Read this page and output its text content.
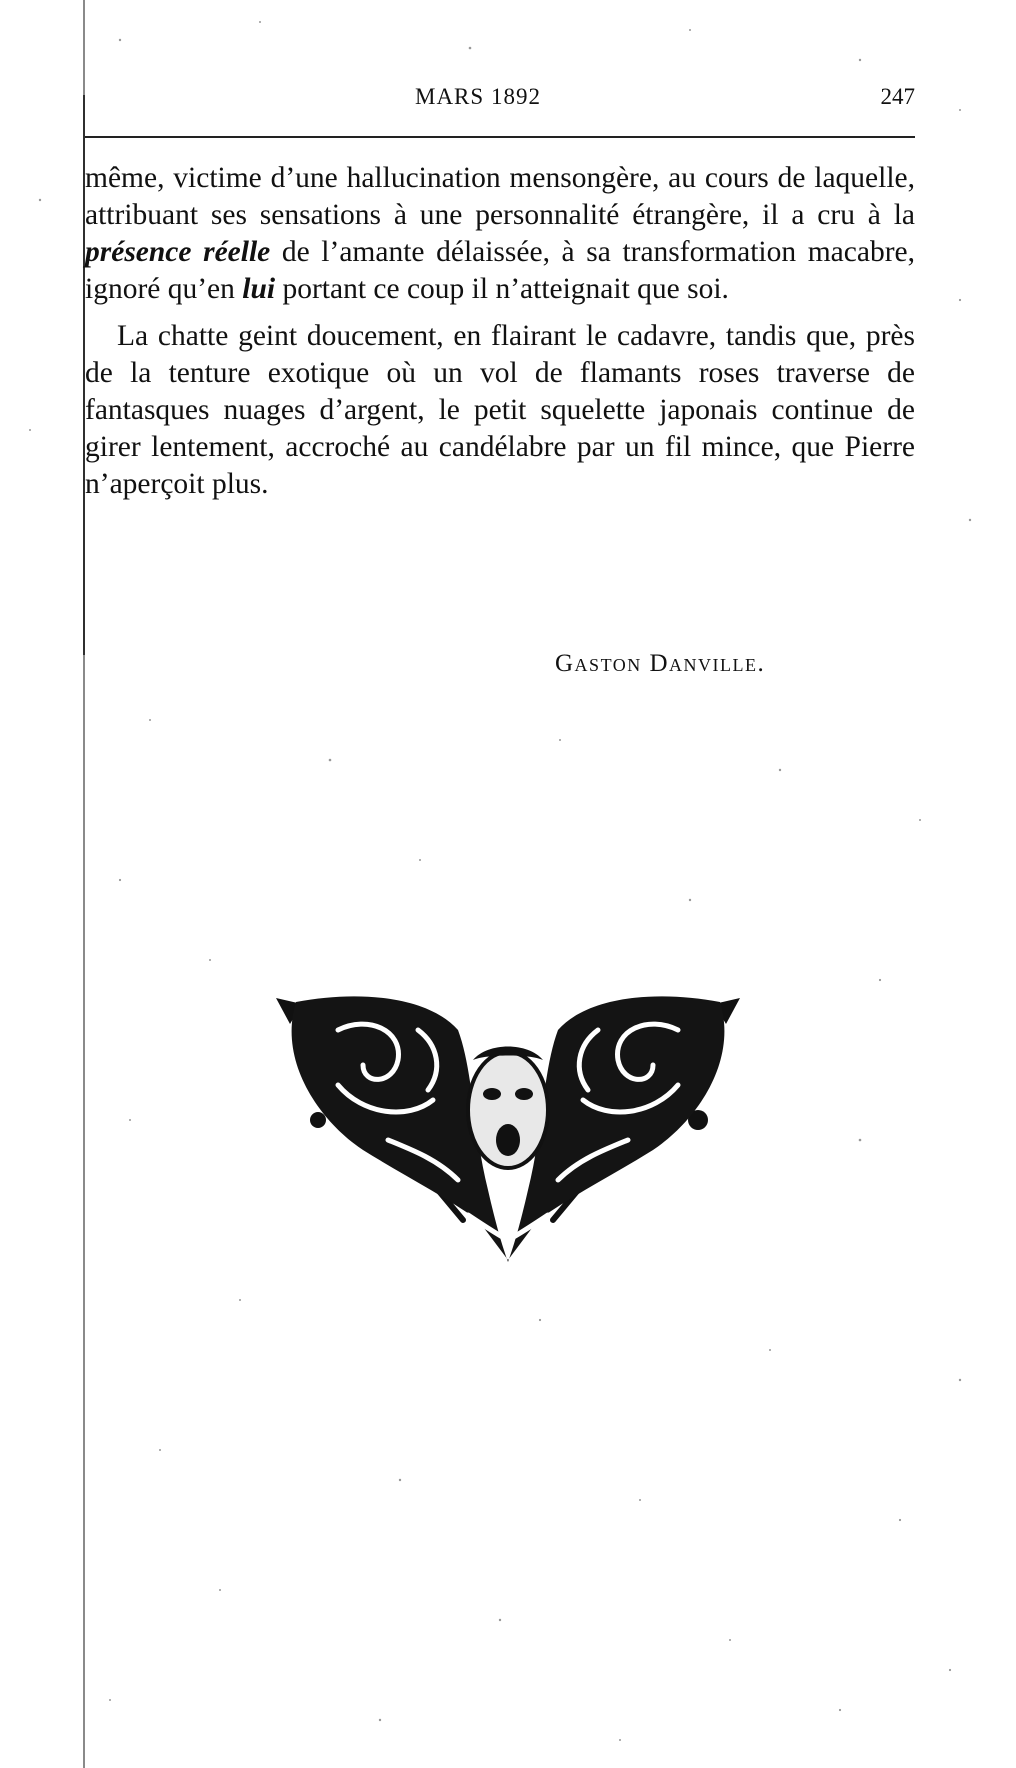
MARS 1892	247

même, victime d’une hallucination mensongère, au cours de laquelle, attribuant ses sensations à une personnalité étrangère, il a cru à la présence réelle de l’amante délaissée, à sa transformation macabre, ignoré qu’en lui portant ce coup il n’atteignait que soi.

La chatte geint doucement, en flairant le cadavre, tandis que, près de la tenture exotique où un vol de flamants roses traverse de fantasques nuages d’argent, le petit squelette japonais continue de girer lentement, accroché au candélabre par un fil mince, que Pierre n’aperçoit plus.

Gaston Danville.
